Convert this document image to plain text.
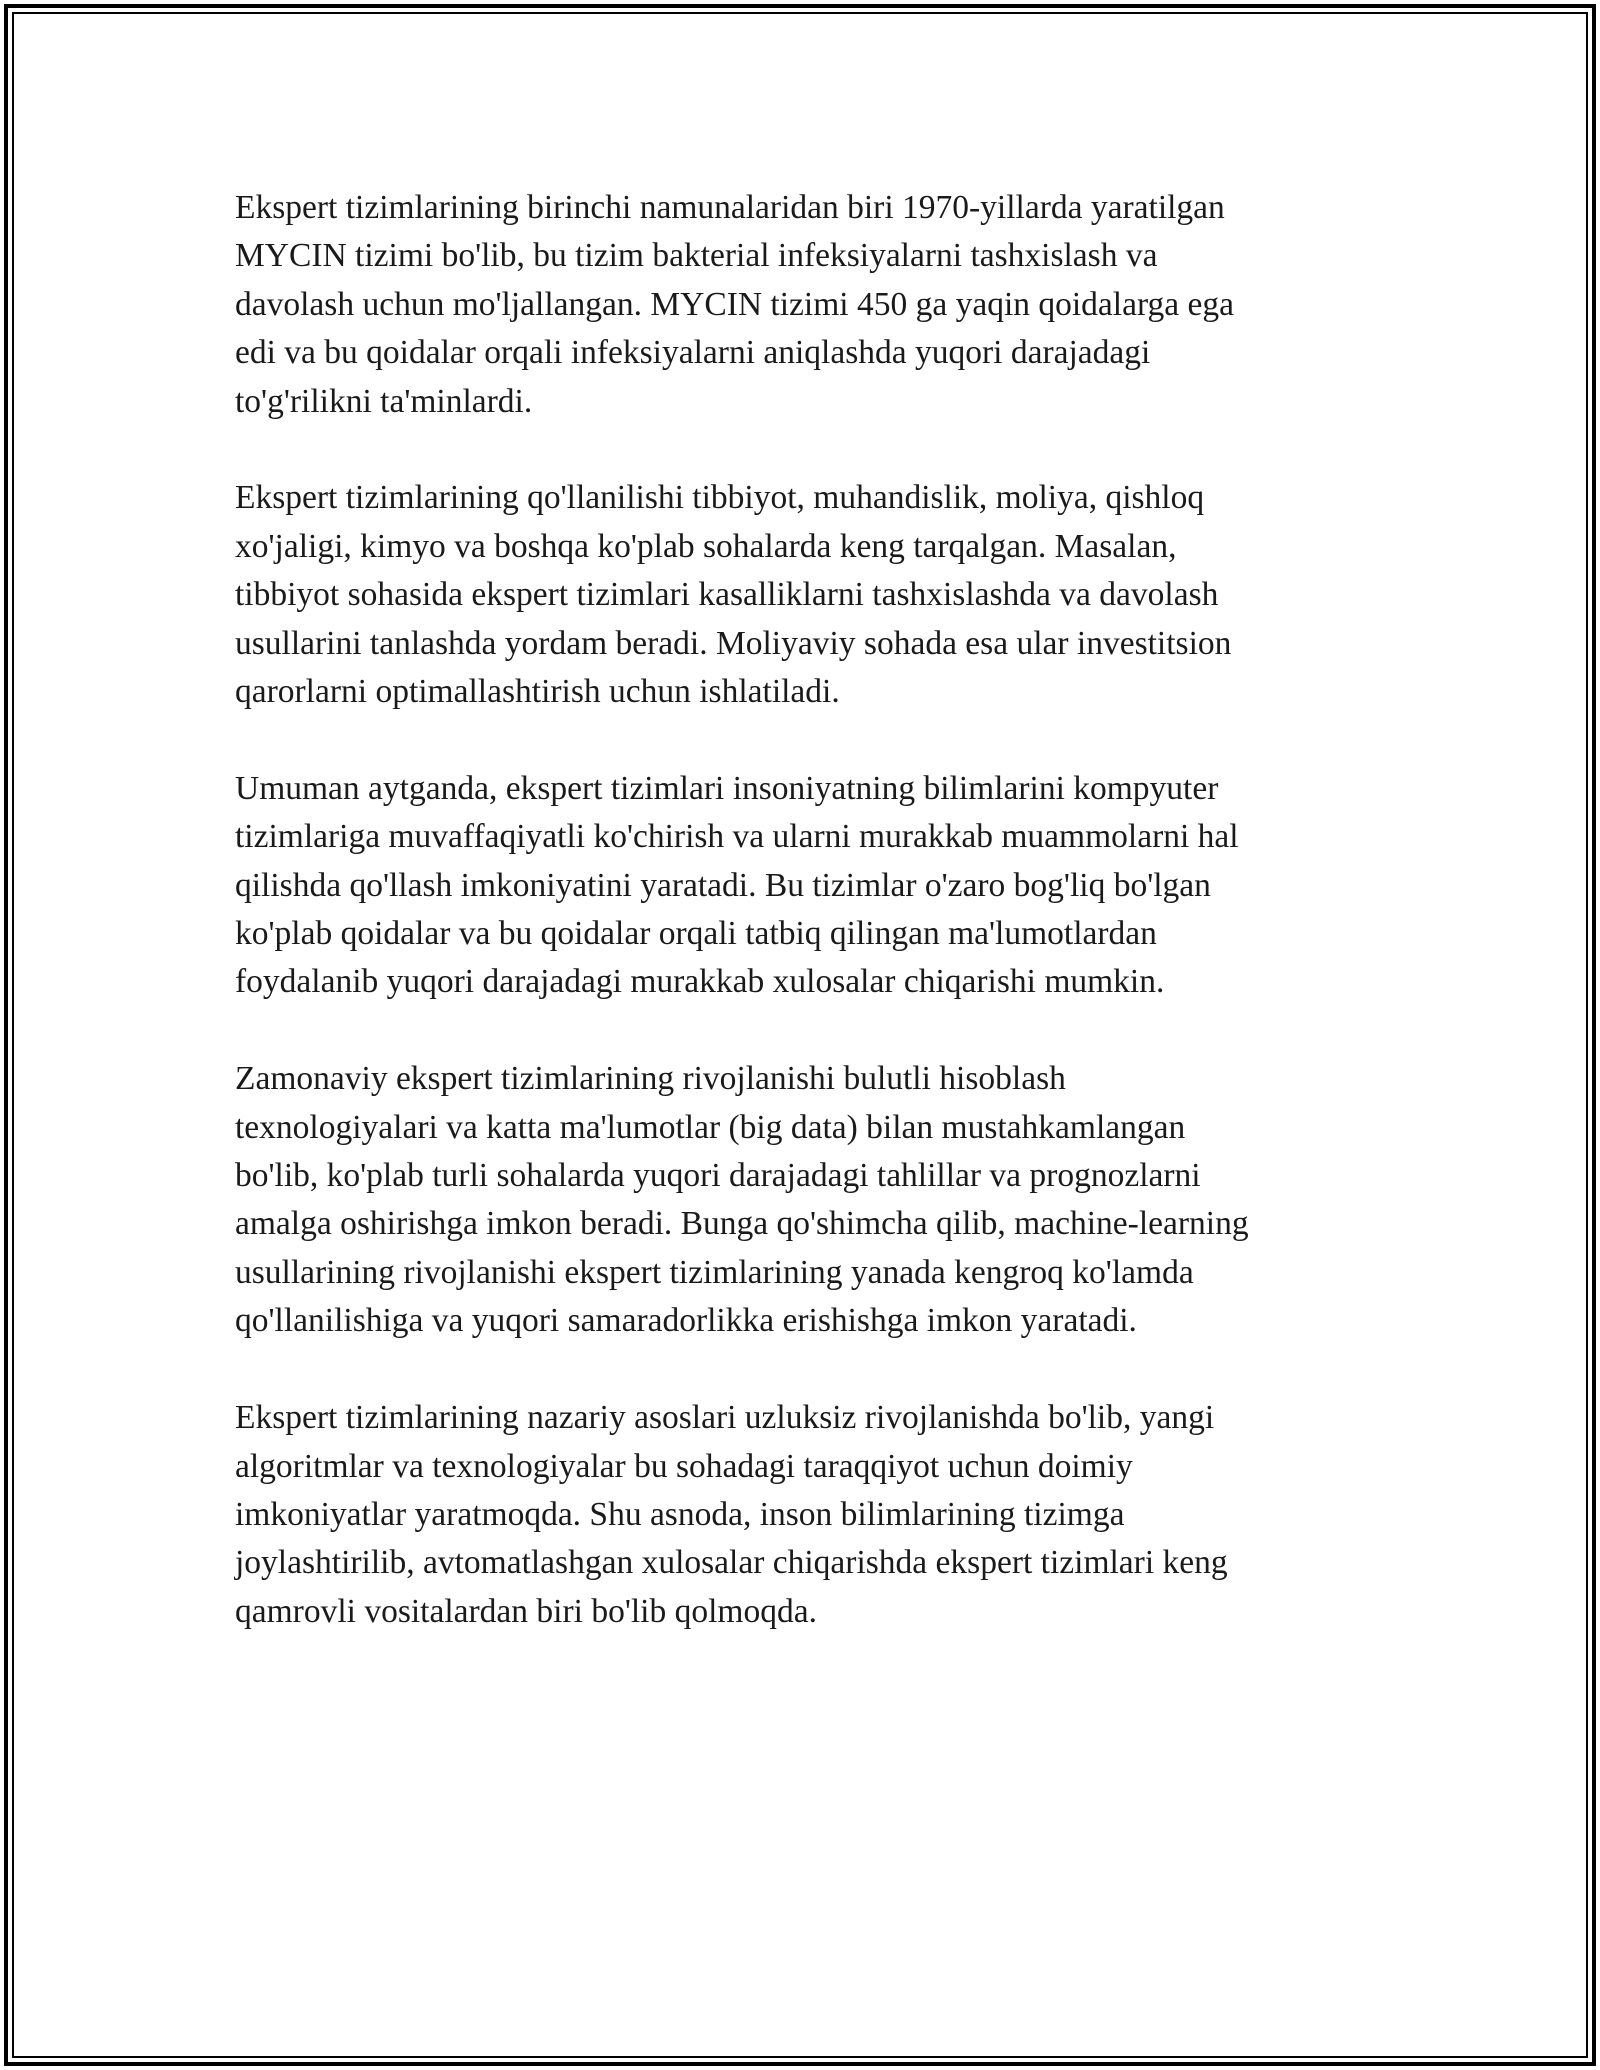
Ekspert tizimlarining birinchi namunalaridan biri 1970-yillarda yaratilgan
MYCIN tizimi bo'lib, bu tizim bakterial infeksiyalarni tashxislash va
davolash uchun mo'ljallangan. MYCIN tizimi 450 ga yaqin qoidalarga ega
edi va bu qoidalar orqali infeksiyalarni aniqlashda yuqori darajadagi
to'g'rilikni ta'minlardi.

Ekspert tizimlarining qo'llanilishi tibbiyot, muhandislik, moliya, qishloq
xo'jaligi, kimyo va boshqa ko'plab sohalarda keng tarqalgan. Masalan,
tibbiyot sohasida ekspert tizimlari kasalliklarni tashxislashda va davolash
usullarini tanlashda yordam beradi. Moliyaviy sohada esa ular investitsion
qarorlarni optimallashtirish uchun ishlatiladi.

Umuman aytganda, ekspert tizimlari insoniyatning bilimlarini kompyuter
tizimlariga muvaffaqiyatli ko'chirish va ularni murakkab muammolarni hal
qilishda qo'llash imkoniyatini yaratadi. Bu tizimlar o'zaro bog'liq bo'lgan
ko'plab qoidalar va bu qoidalar orqali tatbiq qilingan ma'lumotlardan
foydalanib yuqori darajadagi murakkab xulosalar chiqarishi mumkin.

Zamonaviy ekspert tizimlarining rivojlanishi bulutli hisoblash
texnologiyalari va katta ma'lumotlar (big data) bilan mustahkamlangan
bo'lib, ko'plab turli sohalarda yuqori darajadagi tahlillar va prognozlarni
amalga oshirishga imkon beradi. Bunga qo'shimcha qilib, machine-learning
usullarining rivojlanishi ekspert tizimlarining yanada kengroq ko'lamda
qo'llanilishiga va yuqori samaradorlikka erishishga imkon yaratadi.

Ekspert tizimlarining nazariy asoslari uzluksiz rivojlanishda bo'lib, yangi
algoritmlar va texnologiyalar bu sohadagi taraqqiyot uchun doimiy
imkoniyatlar yaratmoqda. Shu asnoda, inson bilimlarining tizimga
joylashtirilib, avtomatlashgan xulosalar chiqarishda ekspert tizimlari keng
qamrovli vositalardan biri bo'lib qolmoqda.
